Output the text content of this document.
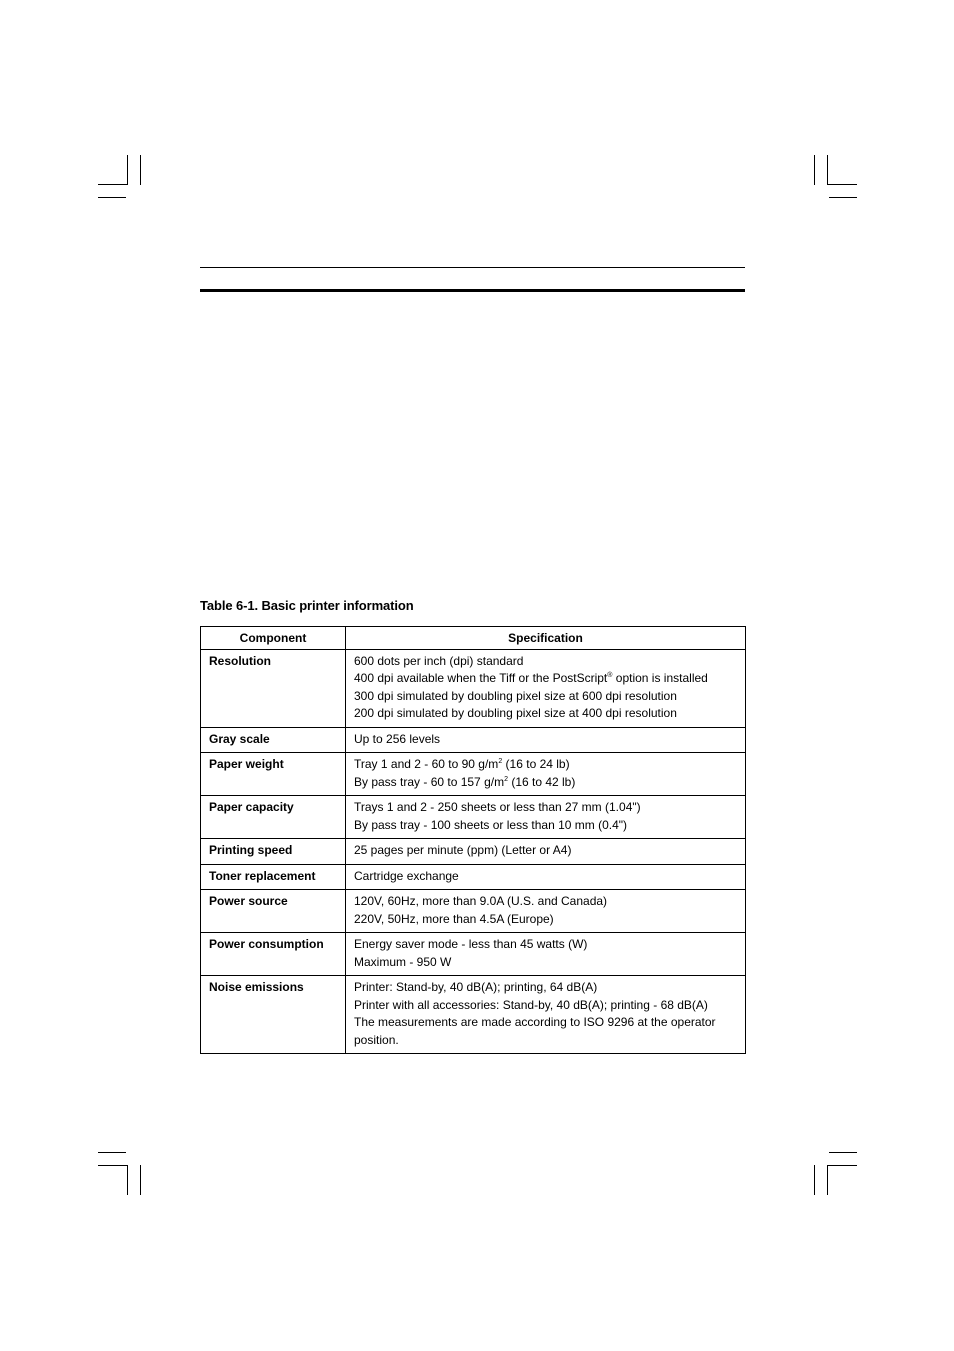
Table 6-1. Basic printer information
Component	Specification
Resolution	600 dots per inch (dpi) standard
400 dpi available when the Tiff or the PostScript® option is installed
300 dpi simulated by doubling pixel size at 600 dpi resolution
200 dpi simulated by doubling pixel size at 400 dpi resolution

Gray scale	Up to 256 levels

Paper weight	Tray 1 and 2 - 60 to 90 $g/m^2$ (16 to 24 lb)
By pass tray - 60 to 157 $g/m^2$ (16 to 42 lb)

Paper capacity	Trays 1 and 2 - 250 sheets or less than 27 mm (1.04")
By pass tray - 100 sheets or less than 10 mm (0.4")

Printing speed	25 pages per minute (ppm) (Letter or A4)

Toner replacement	Cartridge exchange

Power source	120V, 60Hz, more than 9.0A (U.S. and Canada)
220V, 50Hz, more than 4.5A (Europe)

Power consumption	Energy saver mode - less than 45 watts (W)
Maximum - 950 W

Noise emissions	Printer: Stand-by, 40 dB(A); printing, 64 dB(A)
Printer with all accessories: Stand-by, 40 dB(A); printing - 68 dB(A)
The measurements are made according to ISO 9296 at the operator
position.
